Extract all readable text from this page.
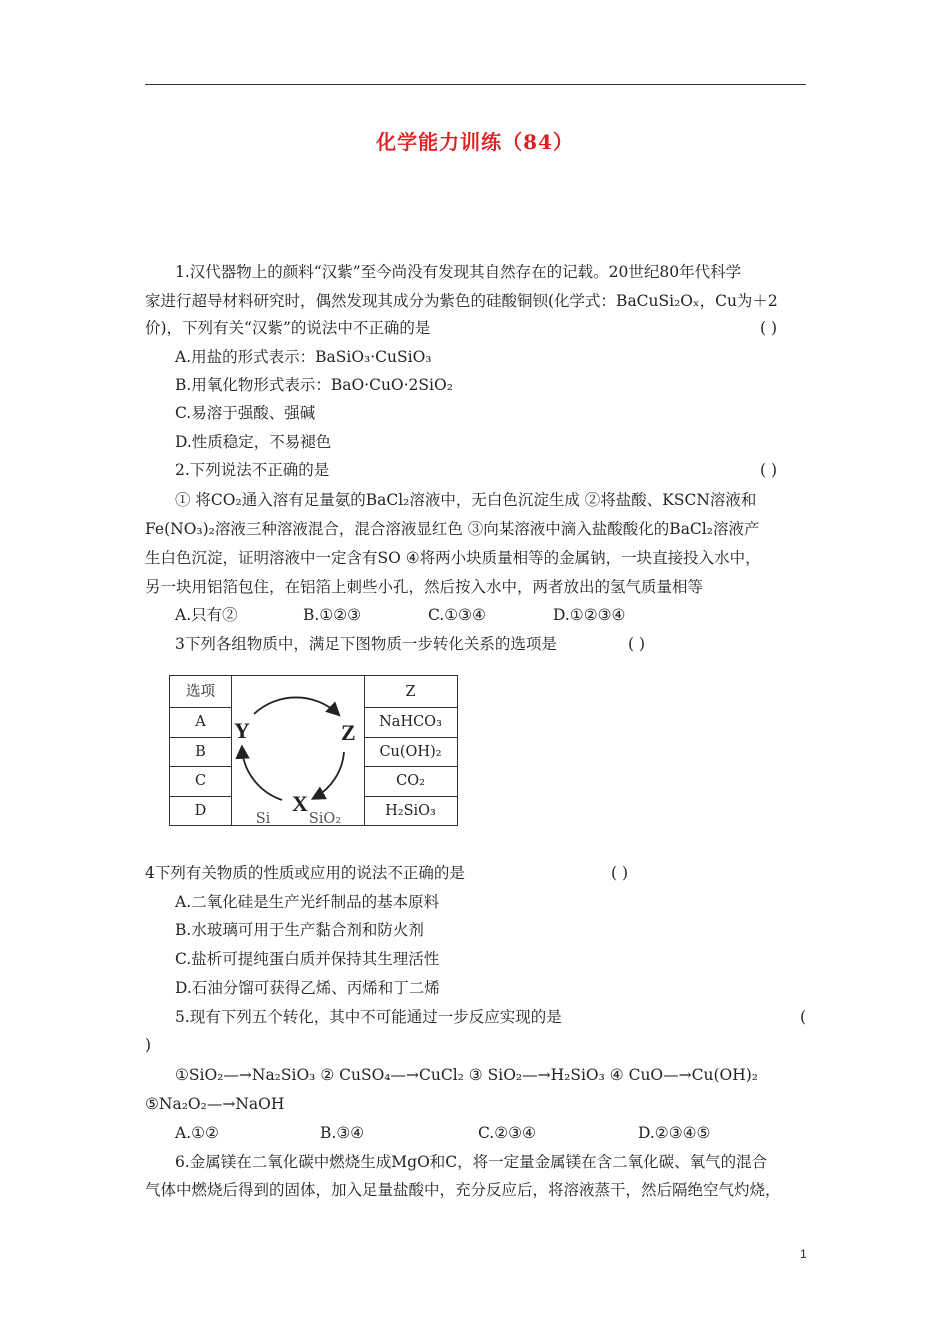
化学能力训练（84）
1.汉代器物上的颜料“汉紫”至今尚没有发现其自然存在的记载。20世纪80年代科学
家进行超导材料研究时，偶然发现其成分为紫色的硅酸铜钡(化学式：BaCuSi₂Oₓ，Cu为＋2
价)，下列有关“汉紫”的说法中不正确的是	( )
A.用盐的形式表示：BaSiO₃·CuSiO₃
B.用氧化物形式表示：BaO·CuO·2SiO₂
C.易溶于强酸、强碱
D.性质稳定，不易褪色
2.下列说法不正确的是	( )
① 将CO₂通入溶有足量氨的BaCl₂溶液中，无白色沉淀生成 ②将盐酸、KSCN溶液和
Fe(NO₃)₂溶液三种溶液混合，混合溶液显红色 ③向某溶液中滴入盐酸酸化的BaCl₂溶液产
生白色沉淀，证明溶液中一定含有SO ④将两小块质量相等的金属钠，一块直接投入水中，
另一块用铝箔包住，在铝箔上刺些小孔，然后按入水中，两者放出的氢气质量相等
A.只有②	B.①②③	C.①③④	D.①②③④
3下列各组物质中，满足下图物质一步转化关系的选项是	( )
选项	Z
A	NaHCO₃
B	Cu(OH)₂
C	CO₂
D	H₂SiO₃
Si	SiO₂
Y	Z
X
4下列有关物质的性质或应用的说法不正确的是	( )
A.二氧化硅是生产光纤制品的基本原料
B.水玻璃可用于生产黏合剂和防火剂
C.盐析可提纯蛋白质并保持其生理活性
D.石油分馏可获得乙烯、丙烯和丁二烯
5.现有下列五个转化，其中不可能通过一步反应实现的是	(
)
①SiO₂—→Na₂SiO₃ ② CuSO₄—→CuCl₂ ③ SiO₂—→H₂SiO₃ ④ CuO—→Cu(OH)₂
⑤Na₂O₂—→NaOH
A.①②	B.③④	C.②③④	D.②③④⑤
6.金属镁在二氧化碳中燃烧生成MgO和C，将一定量金属镁在含二氧化碳、氧气的混合
气体中燃烧后得到的固体，加入足量盐酸中，充分反应后，将溶液蒸干，然后隔绝空气灼烧，
1
